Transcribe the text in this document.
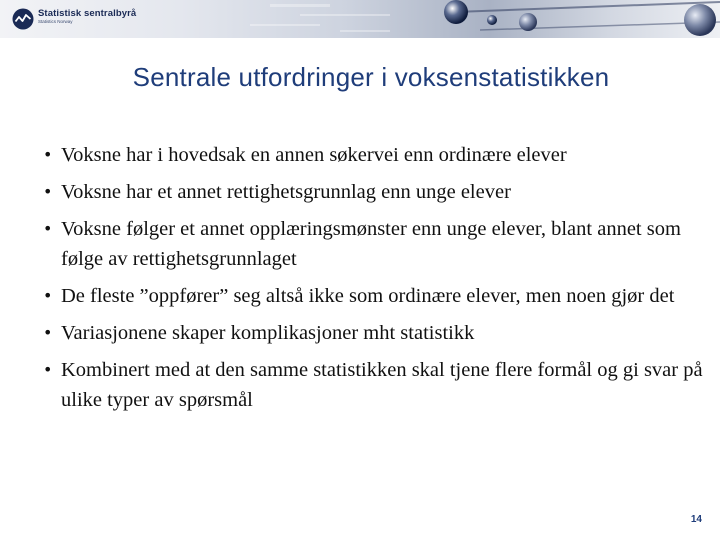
Statistisk sentralbyrå
Statistics Norway
Sentrale utfordringer i voksenstatistikken
• Voksne har i hovedsak en annen søkervei enn ordinære elever
• Voksne har et annet rettighetsgrunnlag enn unge elever
• Voksne følger et annet opplæringsmønster enn unge elever, blant annet som følge av rettighetsgrunnlaget
• De fleste ”oppfører” seg altså ikke som ordinære elever, men noen gjør det
• Variasjonene skaper komplikasjoner mht statistikk
• Kombinert med at den samme statistikken skal tjene flere formål og gi svar på ulike typer av spørsmål
14
